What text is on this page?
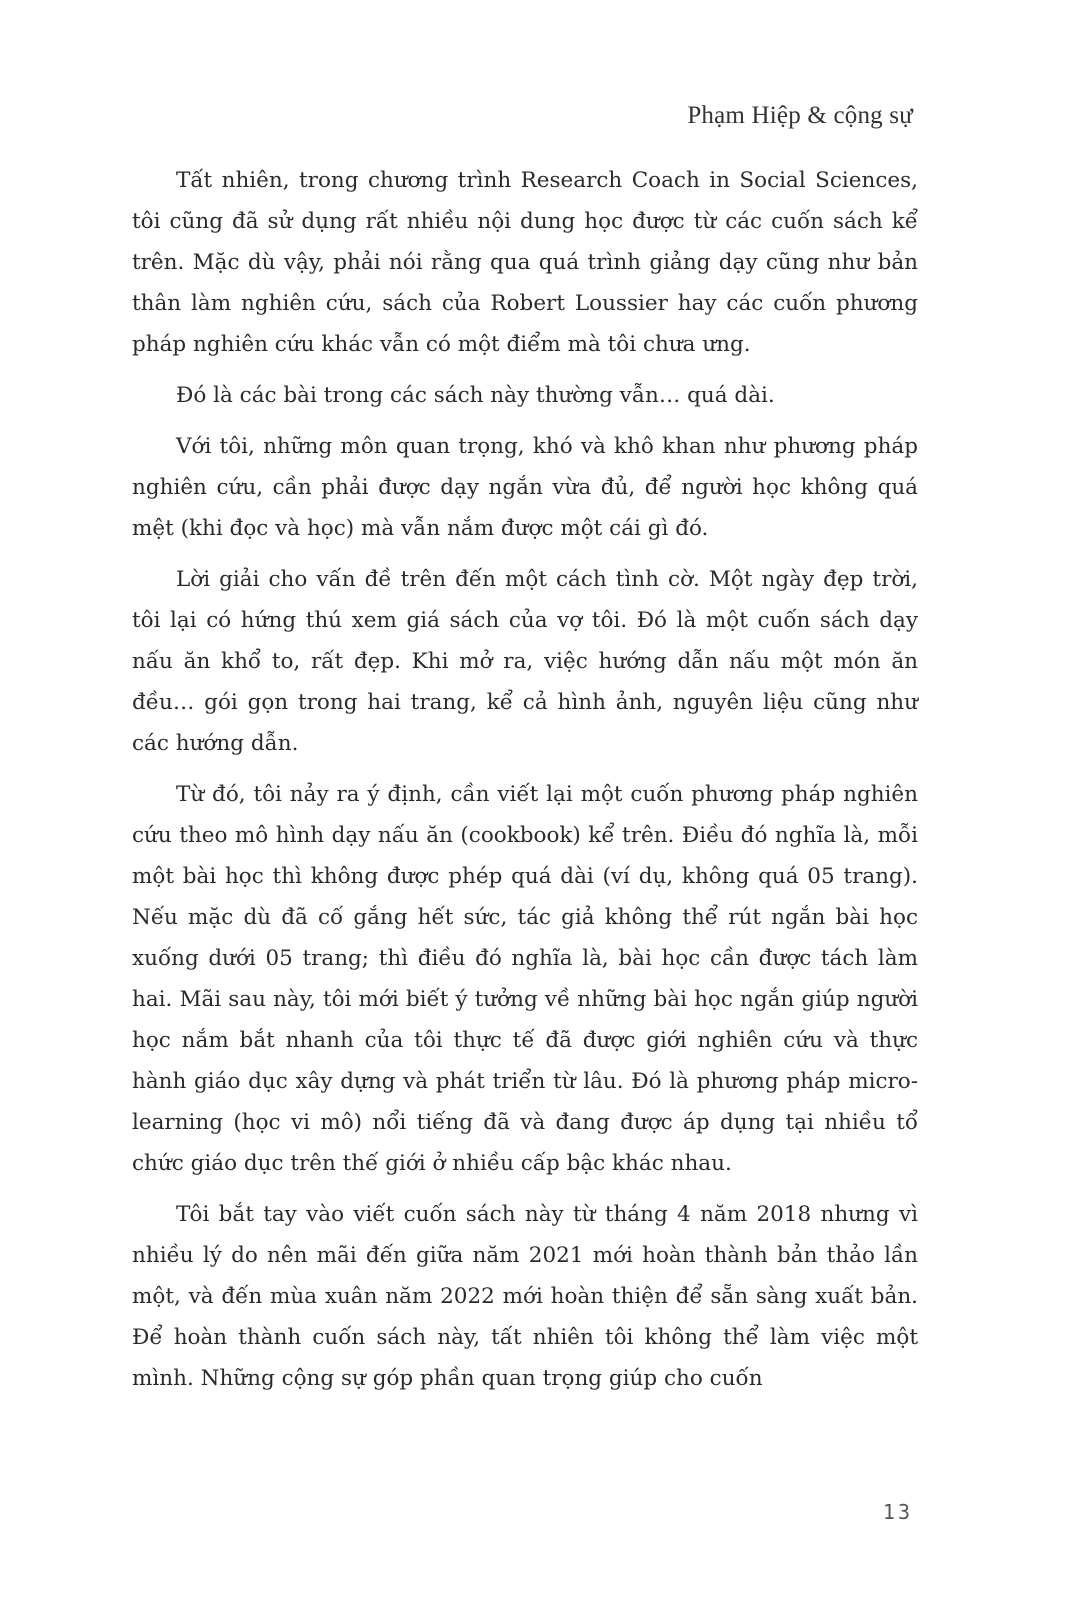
Phạm Hiệp & cộng sự

Tất nhiên, trong chương trình Research Coach in Social Sciences, tôi cũng đã sử dụng rất nhiều nội dung học được từ các cuốn sách kể trên. Mặc dù vậy, phải nói rằng qua quá trình giảng dạy cũng như bản thân làm nghiên cứu, sách của Robert Loussier hay các cuốn phương pháp nghiên cứu khác vẫn có một điểm mà tôi chưa ưng.

Đó là các bài trong các sách này thường vẫn… quá dài.

Với tôi, những môn quan trọng, khó và khô khan như phương pháp nghiên cứu, cần phải được dạy ngắn vừa đủ, để người học không quá mệt (khi đọc và học) mà vẫn nắm được một cái gì đó.

Lời giải cho vấn đề trên đến một cách tình cờ. Một ngày đẹp trời, tôi lại có hứng thú xem giá sách của vợ tôi. Đó là một cuốn sách dạy nấu ăn khổ to, rất đẹp. Khi mở ra, việc hướng dẫn nấu một món ăn đều… gói gọn trong hai trang, kể cả hình ảnh, nguyên liệu cũng như các hướng dẫn.

Từ đó, tôi nảy ra ý định, cần viết lại một cuốn phương pháp nghiên cứu theo mô hình dạy nấu ăn (cookbook) kể trên. Điều đó nghĩa là, mỗi một bài học thì không được phép quá dài (ví dụ, không quá 05 trang). Nếu mặc dù đã cố gắng hết sức, tác giả không thể rút ngắn bài học xuống dưới 05 trang; thì điều đó nghĩa là, bài học cần được tách làm hai. Mãi sau này, tôi mới biết ý tưởng về những bài học ngắn giúp người học nắm bắt nhanh của tôi thực tế đã được giới nghiên cứu và thực hành giáo dục xây dựng và phát triển từ lâu. Đó là phương pháp micro-learning (học vi mô) nổi tiếng đã và đang được áp dụng tại nhiều tổ chức giáo dục trên thế giới ở nhiều cấp bậc khác nhau.

Tôi bắt tay vào viết cuốn sách này từ tháng 4 năm 2018 nhưng vì nhiều lý do nên mãi đến giữa năm 2021 mới hoàn thành bản thảo lần một, và đến mùa xuân năm 2022 mới hoàn thiện để sẵn sàng xuất bản. Để hoàn thành cuốn sách này, tất nhiên tôi không thể làm việc một mình. Những cộng sự góp phần quan trọng giúp cho cuốn

13
